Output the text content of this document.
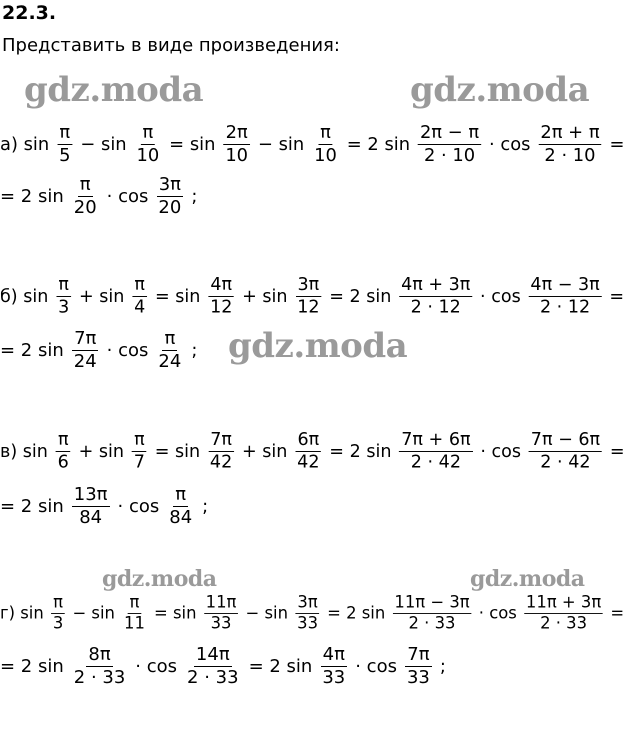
22.3.
Представить в виде произведения:
gdz.moda	gdz.moda
gdz.moda
gdz.moda	gdz.moda
а) $\sin \frac{\pi}{5} - \sin \frac{\pi}{10} = \sin \frac{2\pi}{10} - \sin \frac{\pi}{10} = 2$ $\sin \frac{2\pi - \pi}{2 \cdot 10} \cdot \cos \frac{2\pi + \pi}{2 \cdot 10}$ =
= 2 $\sin \frac{\pi}{20} \cdot \cos \frac{3\pi}{20}$ ;
б) $\sin \frac{\pi}{3} + \sin \frac{\pi}{4} = \sin \frac{4\pi}{12} + \sin \frac{3\pi}{12} = 2$ $\sin \frac{4\pi + 3\pi}{2 \cdot 12} \cdot \cos \frac{4\pi - 3\pi}{2 \cdot 12}$ =
= 2 $\sin \frac{7\pi}{24} \cdot \cos \frac{\pi}{24}$ ;
в) $\sin \frac{\pi}{6} + \sin \frac{\pi}{7} = \sin \frac{7\pi}{42} + \sin \frac{6\pi}{42} = 2$ $\sin \frac{7\pi + 6\pi}{2 \cdot 42} \cdot \cos \frac{7\pi - 6\pi}{2 \cdot 42}$ =
= 2 $\sin \frac{13\pi}{84} \cdot \cos \frac{\pi}{84}$ ;
г) $\sin \frac{\pi}{3} - \sin \frac{\pi}{11} = \sin \frac{11\pi}{33} - \sin \frac{3\pi}{33} = 2$ $\sin \frac{11\pi - 3\pi}{2 \cdot 33} \cdot \cos \frac{11\pi + 3\pi}{2 \cdot 33}$ =
= 2 $\sin \frac{8\pi}{2 \cdot 33} \cdot \cos \frac{14\pi}{2 \cdot 33} = 2$ $\sin \frac{4\pi}{33} \cdot \cos \frac{7\pi}{33}$ ;
